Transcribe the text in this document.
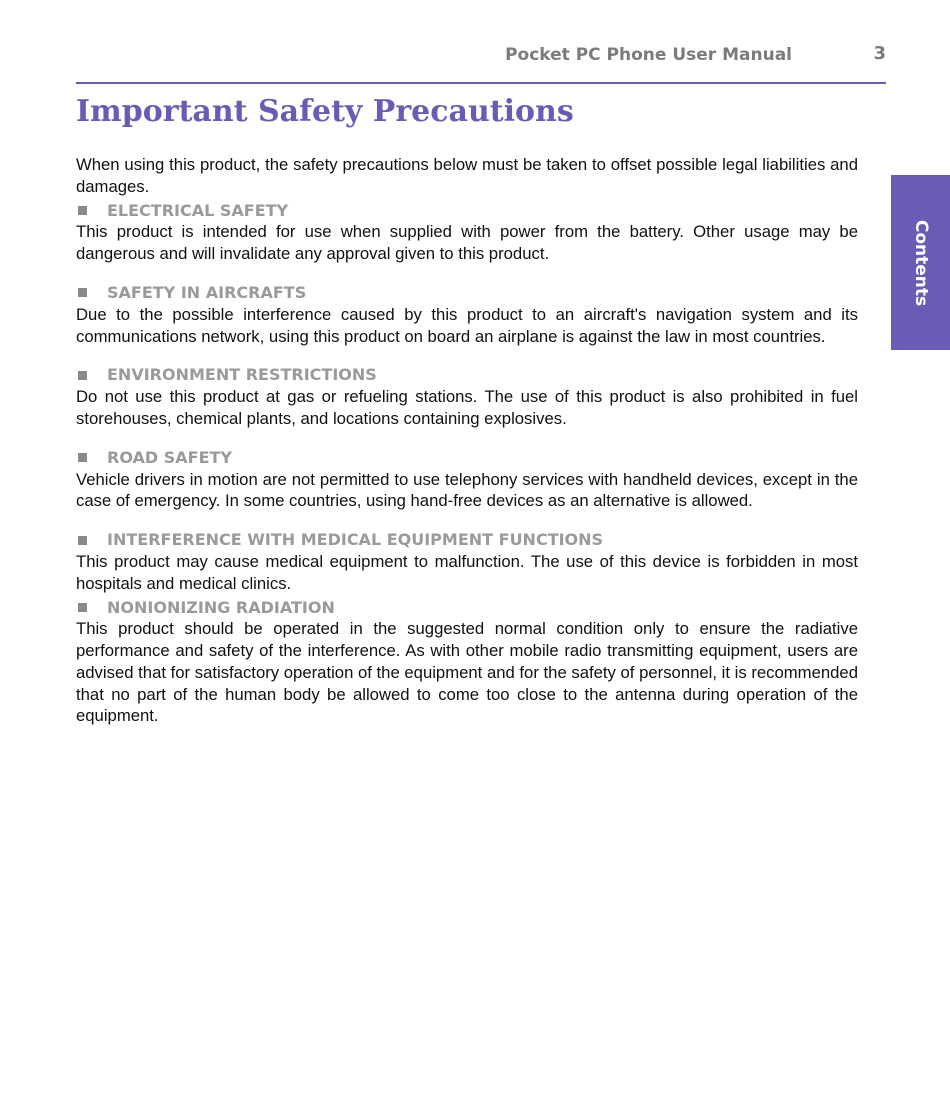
Pocket PC Phone User Manual	3
Important Safety Precautions

When using this product, the safety precautions below must be taken to offset possible legal liabilities and damages.

ELECTRICAL SAFETY

This product is intended for use when supplied with power from the battery. Other usage may be dangerous and will invalidate any approval given to this product.

SAFETY IN AIRCRAFTS

Due to the possible interference caused by this product to an aircraft's navigation system and its communications network, using this product on board an airplane is against the law in most countries.

ENVIRONMENT RESTRICTIONS

Do not use this product at gas or refueling stations. The use of this product is also prohibited in fuel storehouses, chemical plants, and locations containing explosives.

ROAD SAFETY

Vehicle drivers in motion are not permitted to use telephony services with handheld devices, except in the case of emergency. In some countries, using hand-free devices as an alternative is allowed.

INTERFERENCE WITH MEDICAL EQUIPMENT FUNCTIONS

This product may cause medical equipment to malfunction. The use of this device is forbidden in most hospitals and medical clinics.

NONIONIZING RADIATION

This product should be operated in the suggested normal condition only to ensure the radiative performance and safety of the interference. As with other mobile radio transmitting equipment, users are advised that for satisfactory operation of the equipment and for the safety of personnel, it is recommended that no part of the human body be allowed to come too close to the antenna during operation of the equipment.

Contents
